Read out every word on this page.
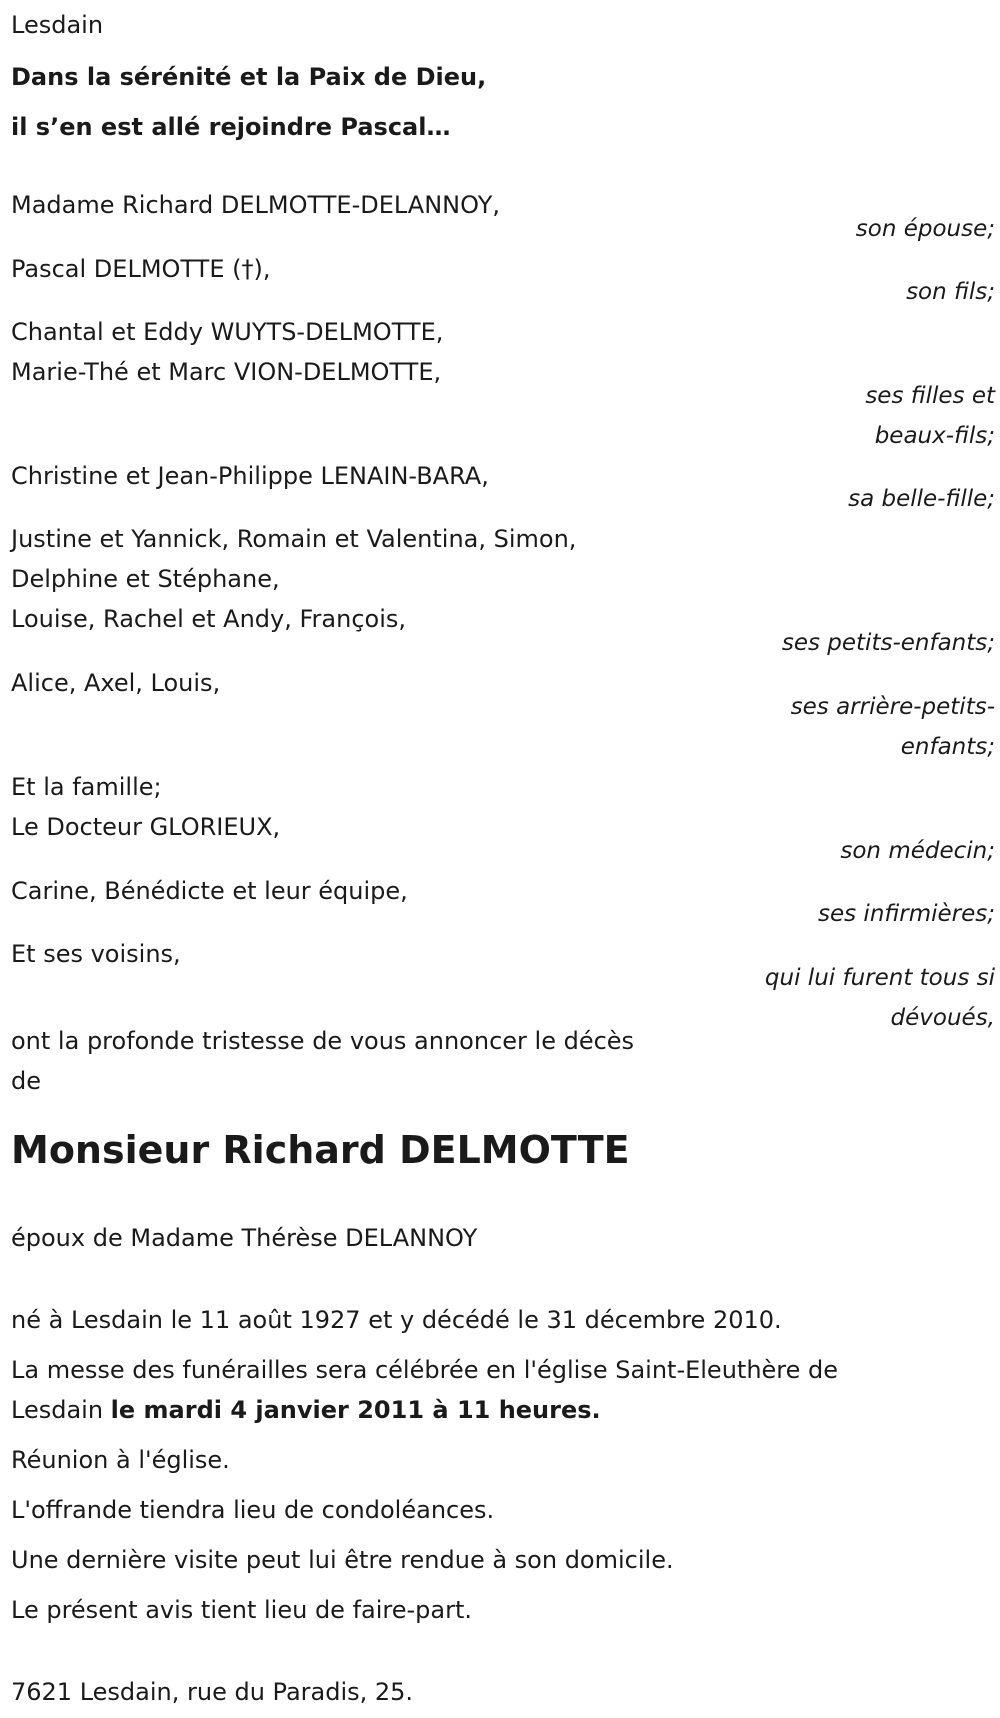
Lesdain
Dans la sérénité et la Paix de Dieu,
il s’en est allé rejoindre Pascal…
Madame Richard DELMOTTE-DELANNOY,
son épouse;
Pascal DELMOTTE (†),
son fils;
Chantal et Eddy WUYTS-DELMOTTE,
Marie-Thé et Marc VION-DELMOTTE,
ses filles et
beaux-fils;
Christine et Jean-Philippe LENAIN-BARA,
sa belle-fille;
Justine et Yannick, Romain et Valentina, Simon,
Delphine et Stéphane,
Louise, Rachel et Andy, François,
ses petits-enfants;
Alice, Axel, Louis,
ses arrière-petits-
enfants;
Et la famille;
Le Docteur GLORIEUX,
son médecin;
Carine, Bénédicte et leur équipe,
ses infirmières;
Et ses voisins,
qui lui furent tous si
dévoués,
ont la profonde tristesse de vous annoncer le décès
de
Monsieur Richard DELMOTTE
époux de Madame Thérèse DELANNOY
né à Lesdain le 11 août 1927 et y décédé le 31 décembre 2010.
La messe des funérailles sera célébrée en l'église Saint-Eleuthère de
Lesdain le mardi 4 janvier 2011 à 11 heures.
Réunion à l'église.
L'offrande tiendra lieu de condoléances.
Une dernière visite peut lui être rendue à son domicile.
Le présent avis tient lieu de faire-part.
7621 Lesdain, rue du Paradis, 25.
